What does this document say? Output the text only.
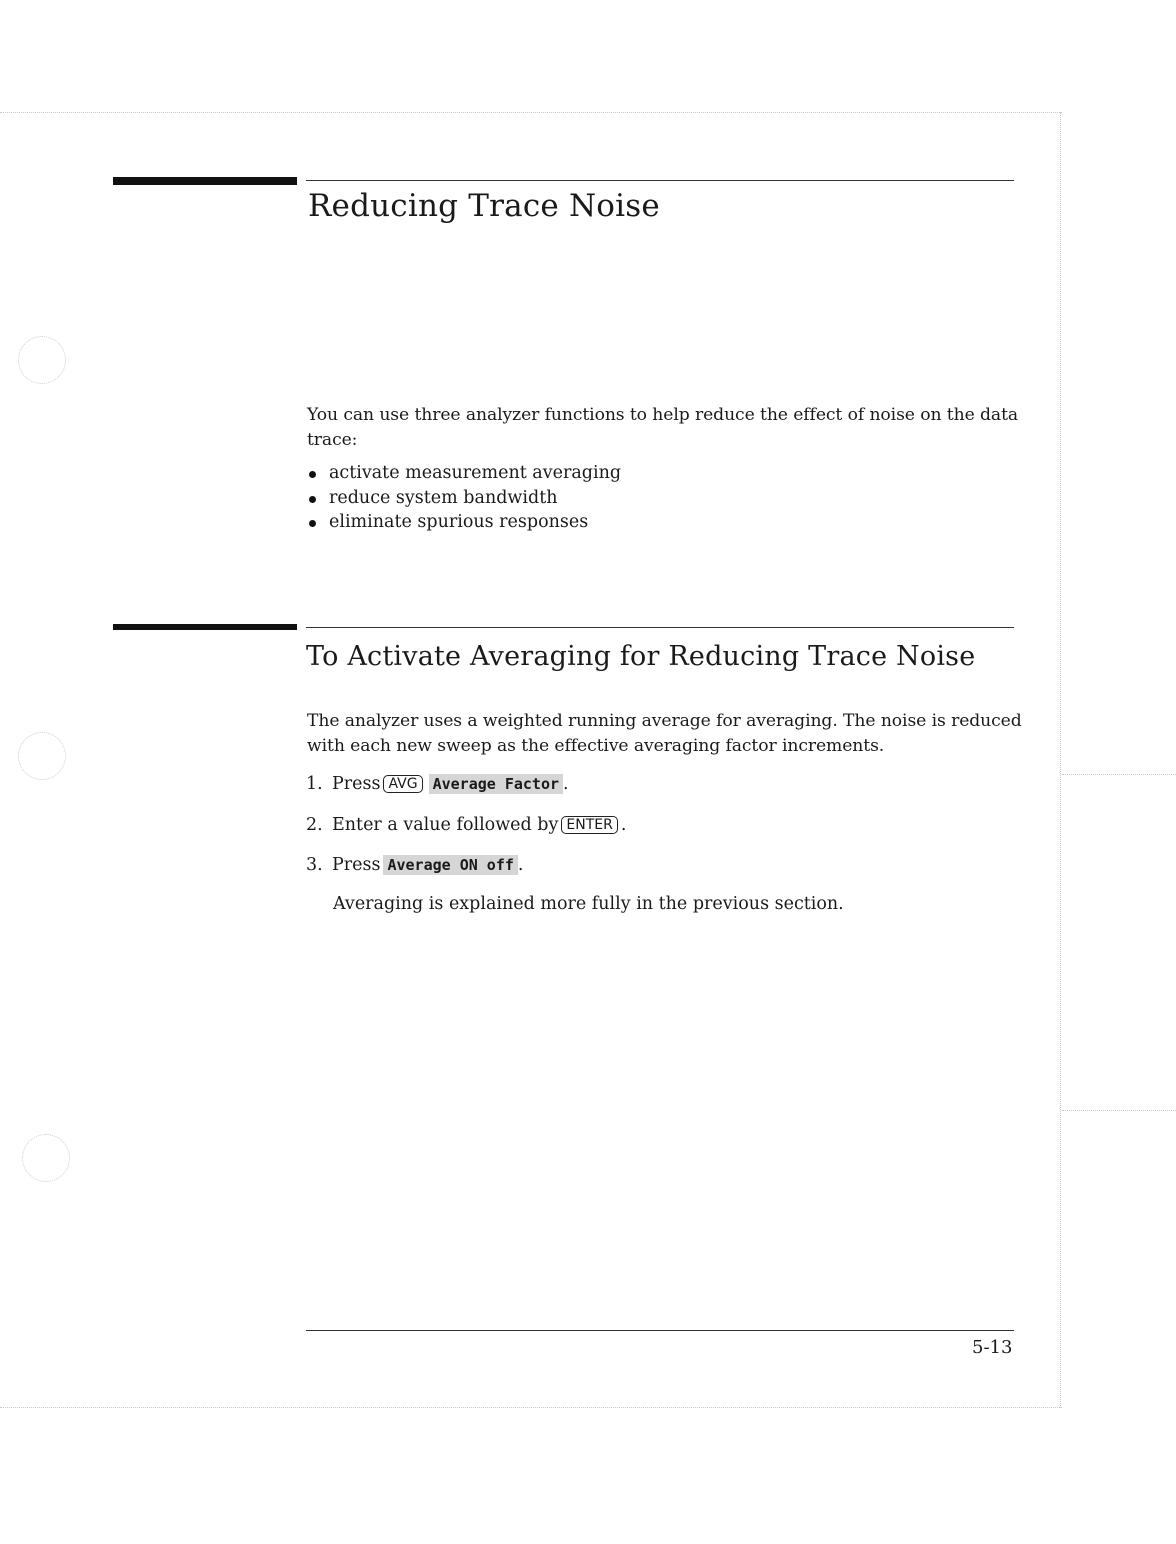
Reducing Trace Noise

You can use three analyzer functions to help reduce the effect of noise on the data trace:

activate measurement averaging
reduce system bandwidth
eliminate spurious responses
To Activate Averaging for Reducing Trace Noise

The analyzer uses a weighted running average for averaging. The noise is reduced with each new sweep as the effective averaging factor increments.

1. Press AVG Average Factor .
2. Enter a value followed by ENTER .
3. Press Average ON off .
Averaging is explained more fully in the previous section.
5-13
